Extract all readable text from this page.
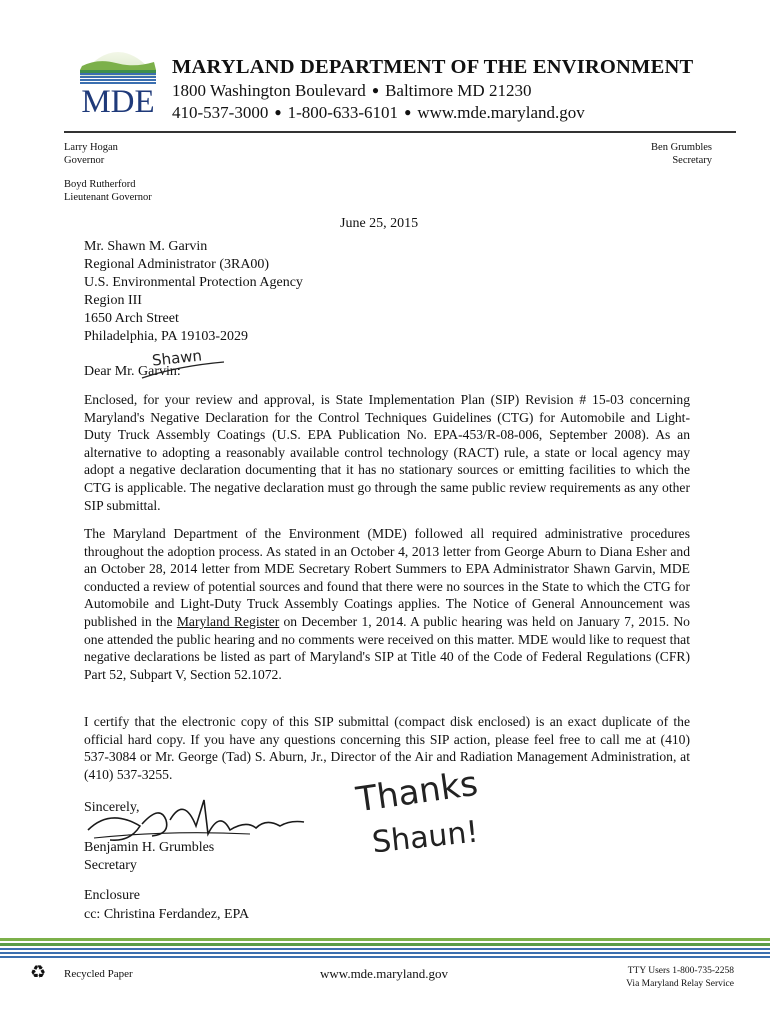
MDE
MARYLAND DEPARTMENT OF THE ENVIRONMENT
1800 Washington Boulevard ● Baltimore MD 21230
410-537-3000 ● 1-800-633-6101 ● www.mde.maryland.gov
Larry Hogan
Governor
Ben Grumbles
Secretary
Boyd Rutherford
Lieutenant Governor
June 25, 2015
Mr. Shawn M. Garvin
Regional Administrator (3RA00)
U.S. Environmental Protection Agency
Region III
1650 Arch Street
Philadelphia, PA 19103-2029
Dear Mr. Garvin:
Shawn
Enclosed, for your review and approval, is State Implementation Plan (SIP) Revision # 15-03 concerning Maryland's Negative Declaration for the Control Techniques Guidelines (CTG) for Automobile and Light- Duty Truck Assembly Coatings (U.S. EPA Publication No. EPA-453/R-08-006, September 2008). As an alternative to adopting a reasonably available control technology (RACT) rule, a state or local agency may adopt a negative declaration documenting that it has no stationary sources or emitting facilities to which the CTG is applicable. The negative declaration must go through the same public review requirements as any other SIP submittal.
The Maryland Department of the Environment (MDE) followed all required administrative procedures throughout the adoption process. As stated in an October 4, 2013 letter from George Aburn to Diana Esher and an October 28, 2014 letter from MDE Secretary Robert Summers to EPA Administrator Shawn Garvin, MDE conducted a review of potential sources and found that there were no sources in the State to which the CTG for Automobile and Light-Duty Truck Assembly Coatings applies. The Notice of General Announcement was published in the Maryland Register on December 1, 2014. A public hearing was held on January 7, 2015. No one attended the public hearing and no comments were received on this matter. MDE would like to request that negative declarations be listed as part of Maryland's SIP at Title 40 of the Code of Federal Regulations (CFR) Part 52, Subpart V, Section 52.1072.
I certify that the electronic copy of this SIP submittal (compact disk enclosed) is an exact duplicate of the official hard copy. If you have any questions concerning this SIP action, please feel free to call me at (410) 537-3084 or Mr. George (Tad) S. Aburn, Jr., Director of the Air and Radiation Management Administration, at (410) 537-3255.
Sincerely,
Benjamin H. Grumbles
Secretary
Thanks
Shaun!
Enclosure
cc: Christina Ferdandez, EPA
♻ Recycled Paper	www.mde.maryland.gov	TTY Users 1-800-735-2258
Via Maryland Relay Service
